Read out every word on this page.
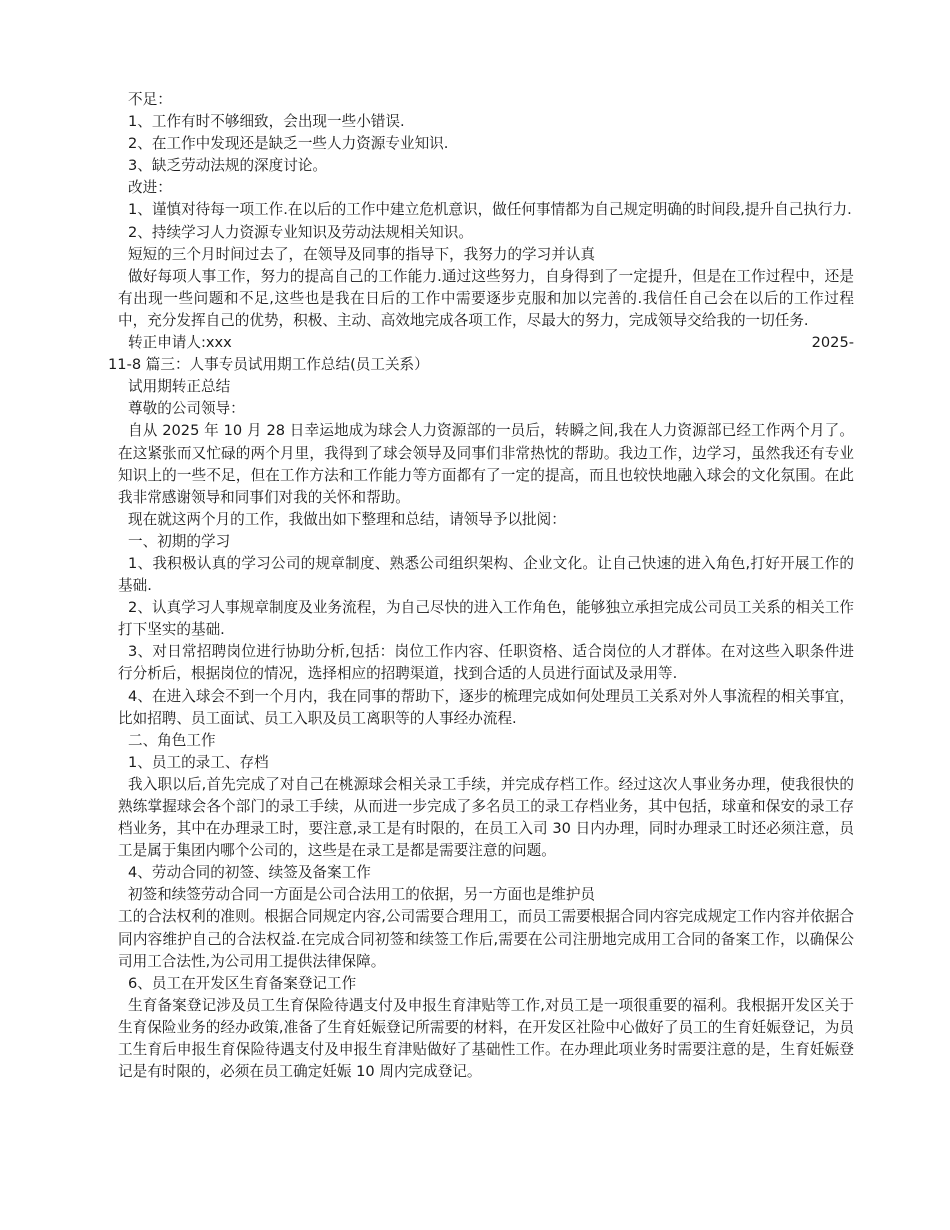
不足：

1、工作有时不够细致，会出现一些小错误.

2、在工作中发现还是缺乏一些人力资源专业知识.

3、缺乏劳动法规的深度讨论。

改进：

1、谨慎对待每一项工作.在以后的工作中建立危机意识，做任何事情都为自己规定明确的时间段,提升自己执行力.

2、持续学习人力资源专业知识及劳动法规相关知识。

短短的三个月时间过去了，在领导及同事的指导下，我努力的学习并认真

做好每项人事工作，努力的提高自己的工作能力.通过这些努力，自身得到了一定提升，但是在工作过程中，还是有出现一些问题和不足,这些也是我在日后的工作中需要逐步克服和加以完善的.我信任自己会在以后的工作过程中，充分发挥自己的优势，积极、主动、高效地完成各项工作，尽最大的努力，完成领导交给我的一切任务.

转正申请人:xxx	2025-

11-8 篇三：人事专员试用期工作总结(员工关系）

试用期转正总结

尊敬的公司领导：

自从 2025 年 10 月 28 日幸运地成为球会人力资源部的一员后，转瞬之间,我在人力资源部已经工作两个月了。在这紧张而又忙碌的两个月里，我得到了球会领导及同事们非常热忱的帮助。我边工作，边学习，虽然我还有专业知识上的一些不足，但在工作方法和工作能力等方面都有了一定的提高，而且也较快地融入球会的文化氛围。在此我非常感谢领导和同事们对我的关怀和帮助。

现在就这两个月的工作，我做出如下整理和总结，请领导予以批阅：

一、初期的学习

1、我积极认真的学习公司的规章制度、熟悉公司组织架构、企业文化。让自己快速的进入角色,打好开展工作的基础.

2、认真学习人事规章制度及业务流程，为自己尽快的进入工作角色，能够独立承担完成公司员工关系的相关工作打下坚实的基础.

3、对日常招聘岗位进行协助分析,包括：岗位工作内容、任职资格、适合岗位的人才群体。在对这些入职条件进行分析后，根据岗位的情况，选择相应的招聘渠道，找到合适的人员进行面试及录用等.

4、在进入球会不到一个月内，我在同事的帮助下，逐步的梳理完成如何处理员工关系对外人事流程的相关事宜，比如招聘、员工面试、员工入职及员工离职等的人事经办流程.

二、角色工作

1、员工的录工、存档

我入职以后,首先完成了对自己在桃源球会相关录工手续，并完成存档工作。经过这次人事业务办理，使我很快的熟练掌握球会各个部门的录工手续，从而进一步完成了多名员工的录工存档业务，其中包括，球童和保安的录工存档业务，其中在办理录工时，要注意,录工是有时限的，在员工入司 30 日内办理，同时办理录工时还必须注意，员工是属于集团内哪个公司的，这些是在录工是都是需要注意的问题。

4、劳动合同的初签、续签及备案工作

初签和续签劳动合同一方面是公司合法用工的依据，另一方面也是维护员

工的合法权利的准则。根据合同规定内容,公司需要合理用工，而员工需要根据合同内容完成规定工作内容并依据合同内容维护自己的合法权益.在完成合同初签和续签工作后,需要在公司注册地完成用工合同的备案工作，以确保公司用工合法性,为公司用工提供法律保障。

6、员工在开发区生育备案登记工作

生育备案登记涉及员工生育保险待遇支付及申报生育津贴等工作,对员工是一项很重要的福利。我根据开发区关于生育保险业务的经办政策,准备了生育妊娠登记所需要的材料，在开发区社险中心做好了员工的生育妊娠登记，为员工生育后申报生育保险待遇支付及申报生育津贴做好了基础性工作。在办理此项业务时需要注意的是，生育妊娠登记是有时限的，必须在员工确定妊娠 10 周内完成登记。
